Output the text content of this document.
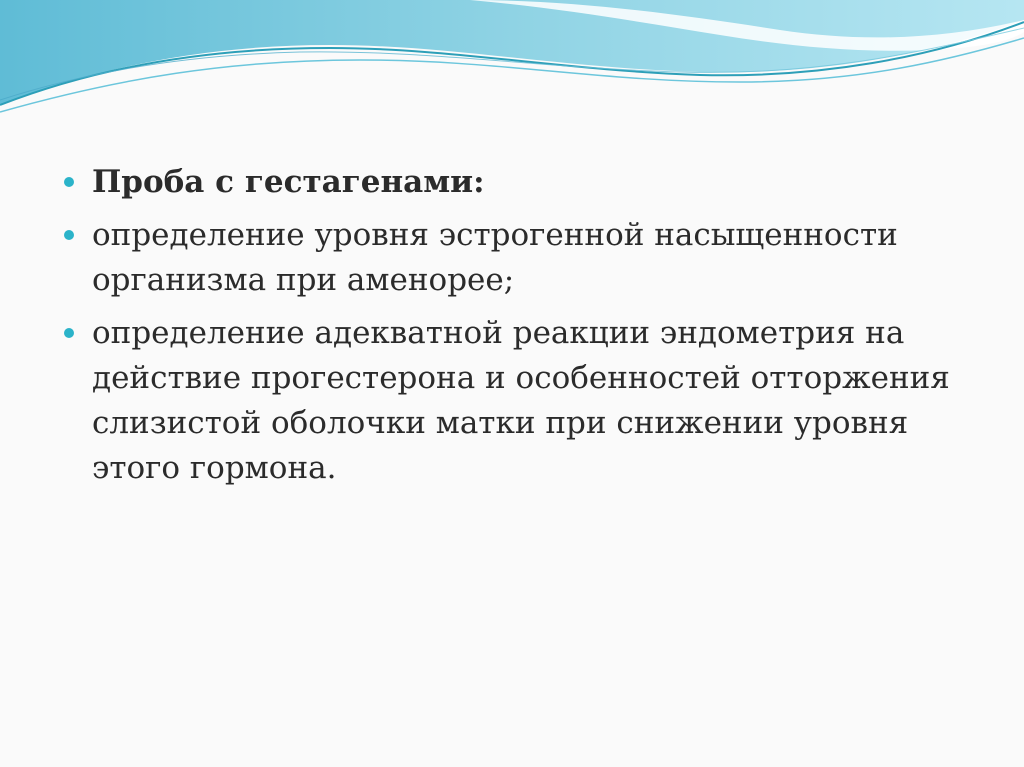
Проба с гестагенами:
определение уровня эстрогенной насыщенности организма при аменорее;
определение адекватной реакции эндометрия на действие прогестерона и особенностей отторжения слизистой оболочки матки при снижении уровня этого гормона.
